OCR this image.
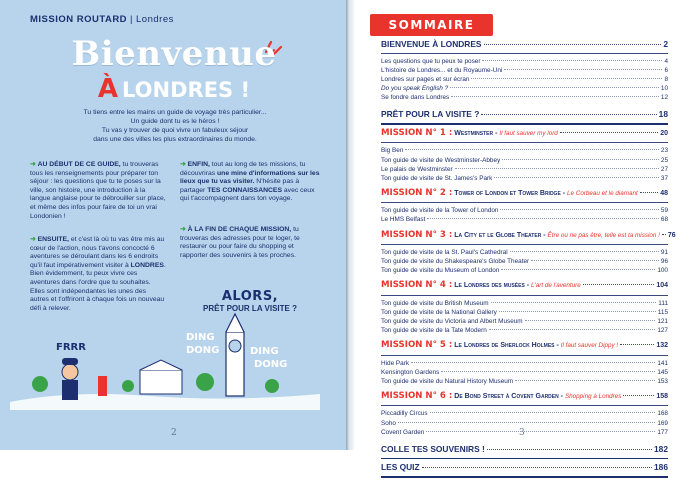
MISSION ROUTARD | Londres
Bienvenue
À LONDRES !
Tu tiens entre les mains un guide de voyage très particulier...
Un guide dont tu es le héros !
Tu vas y trouver de quoi vivre un fabuleux séjour
dans une des villes les plus extraordinaires du monde.
➜ AU DÉBUT DE CE GUIDE, tu trouveras tous les renseignements pour préparer ton séjour : les questions que tu te poses sur la ville, son histoire, une introduction à la langue anglaise pour te débrouiller sur place, et même des infos pour faire de toi un vrai Londonien !
➜ ENSUITE, et c'est là où tu vas être mis au cœur de l'action, nous t'avons concocté 6 aventures se déroulant dans les 6 endroits qu'il faut impérativement visiter à LONDRES. Bien évidemment, tu peux vivre ces aventures dans l'ordre que tu souhaites. Elles sont indépendantes les unes des autres et t'offriront à chaque fois un nouveau défi à relever.
➜ ENFIN, tout au long de tes missions, tu découvriras une mine d'informations sur les lieux que tu vas visiter. N'hésite pas à partager TES CONNAISSANCES avec ceux qui t'accompagnent dans ton voyage.
➜ À LA FIN DE CHAQUE MISSION, tu trouveras des adresses pour te loger, te restaurer ou pour faire du shopping et rapporter des souvenirs à tes proches.
ALORS,
PRÊT POUR LA VISITE ?
FRRR
DING
DONG	DING
DONG
2
SOMMAIRE
BIENVENUE À LONDRES	2
Les questions que tu peux te poser	4
L'histoire de Londres... et du Royaume-Uni	6
Londres sur pages et sur écran	8
Do you speak English ?	10
Se fondre dans Londres	12
PRÊT POUR LA VISITE ?	18
MISSION N° 1 : Westminster - Il faut sauver my lord	20
Big Ben	23
Ton guide de visite de Westminster-Abbey	25
Le palais de Westminster	27
Ton guide de visite de St. James's Park	37
MISSION N° 2 : Tower of London et Tower Bridge - Le Corbeau et le diamant	48
Ton guide de visite de la Tower of London	59
Le HMS Belfast	68
MISSION N° 3 : La City et le Globe Theater - Être ou ne pas être, telle est ta mission ! 76
Ton guide de visite de la St. Paul's Cathedral	91
Ton guide de visite du Shakespeare's Globe Theater	96
Ton guide de visite du Museum of London	100
MISSION N° 4 : Le Londres des musées - L'art de l'aventure	104
Ton guide de visite du British Museum	111
Ton guide de visite de la National Gallery	115
Ton guide de visite du Victoria and Albert Museum	121
Ton guide de visite de la Tate Modern	127
MISSION N° 5 : Le Londres de Sherlock Holmes - Il faut sauver Dippy !	132
Hide Park	141
Kensington Gardens	145
Ton guide de visite du Natural History Museum	153
MISSION N° 6 : De Bond Street à Covent Garden - Shopping à Londres	158
Piccadilly Circus	168
Soho	169
Covent Garden	177
COLLE TES SOUVENIRS !	182
LES QUIZ	186
3
